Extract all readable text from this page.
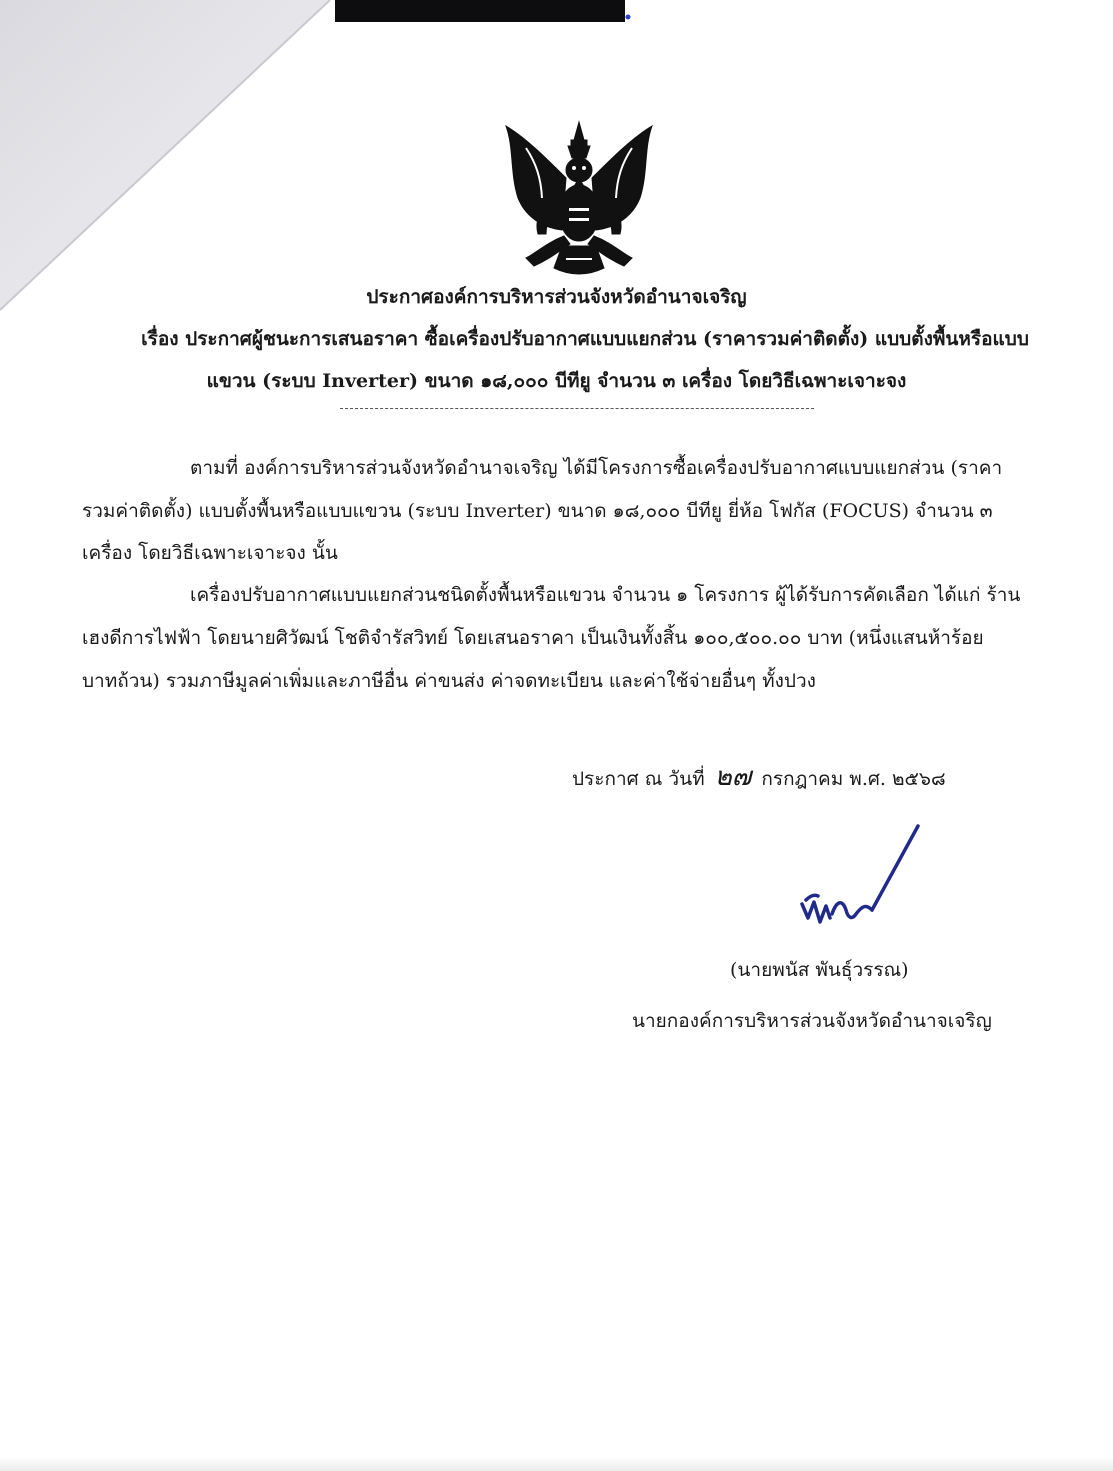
ประกาศองค์การบริหารส่วนจังหวัดอำนาจเจริญ
เรื่อง ประกาศผู้ชนะการเสนอราคา ซื้อเครื่องปรับอากาศแบบแยกส่วน (ราคารวมค่าติดตั้ง) แบบตั้งพื้นหรือแบบ
แขวน (ระบบ Inverter) ขนาด ๑๘,๐๐๐ บีทียู จำนวน ๓ เครื่อง โดยวิธีเฉพาะเจาะจง
ตามที่ องค์การบริหารส่วนจังหวัดอำนาจเจริญ ได้มีโครงการซื้อเครื่องปรับอากาศแบบแยกส่วน (ราคา
รวมค่าติดตั้ง) แบบตั้งพื้นหรือแบบแขวน (ระบบ Inverter) ขนาด ๑๘,๐๐๐ บีทียู ยี่ห้อ โฟกัส (FOCUS) จำนวน ๓
เครื่อง โดยวิธีเฉพาะเจาะจง นั้น
เครื่องปรับอากาศแบบแยกส่วนชนิดตั้งพื้นหรือแขวน จำนวน ๑ โครงการ ผู้ได้รับการคัดเลือก ได้แก่ ร้าน
เฮงดีการไฟฟ้า โดยนายศิวัฒน์ โชติจำรัสวิทย์ โดยเสนอราคา เป็นเงินทั้งสิ้น ๑๐๐,๕๐๐.๐๐ บาท (หนึ่งแสนห้าร้อย
บาทถ้วน) รวมภาษีมูลค่าเพิ่มและภาษีอื่น ค่าขนส่ง ค่าจดทะเบียน และค่าใช้จ่ายอื่นๆ ทั้งปวง
ประกาศ ณ วันที่ ๒๗ กรกฎาคม พ.ศ. ๒๕๖๘
(นายพนัส พันธุ์วรรณ)
นายกองค์การบริหารส่วนจังหวัดอำนาจเจริญ
